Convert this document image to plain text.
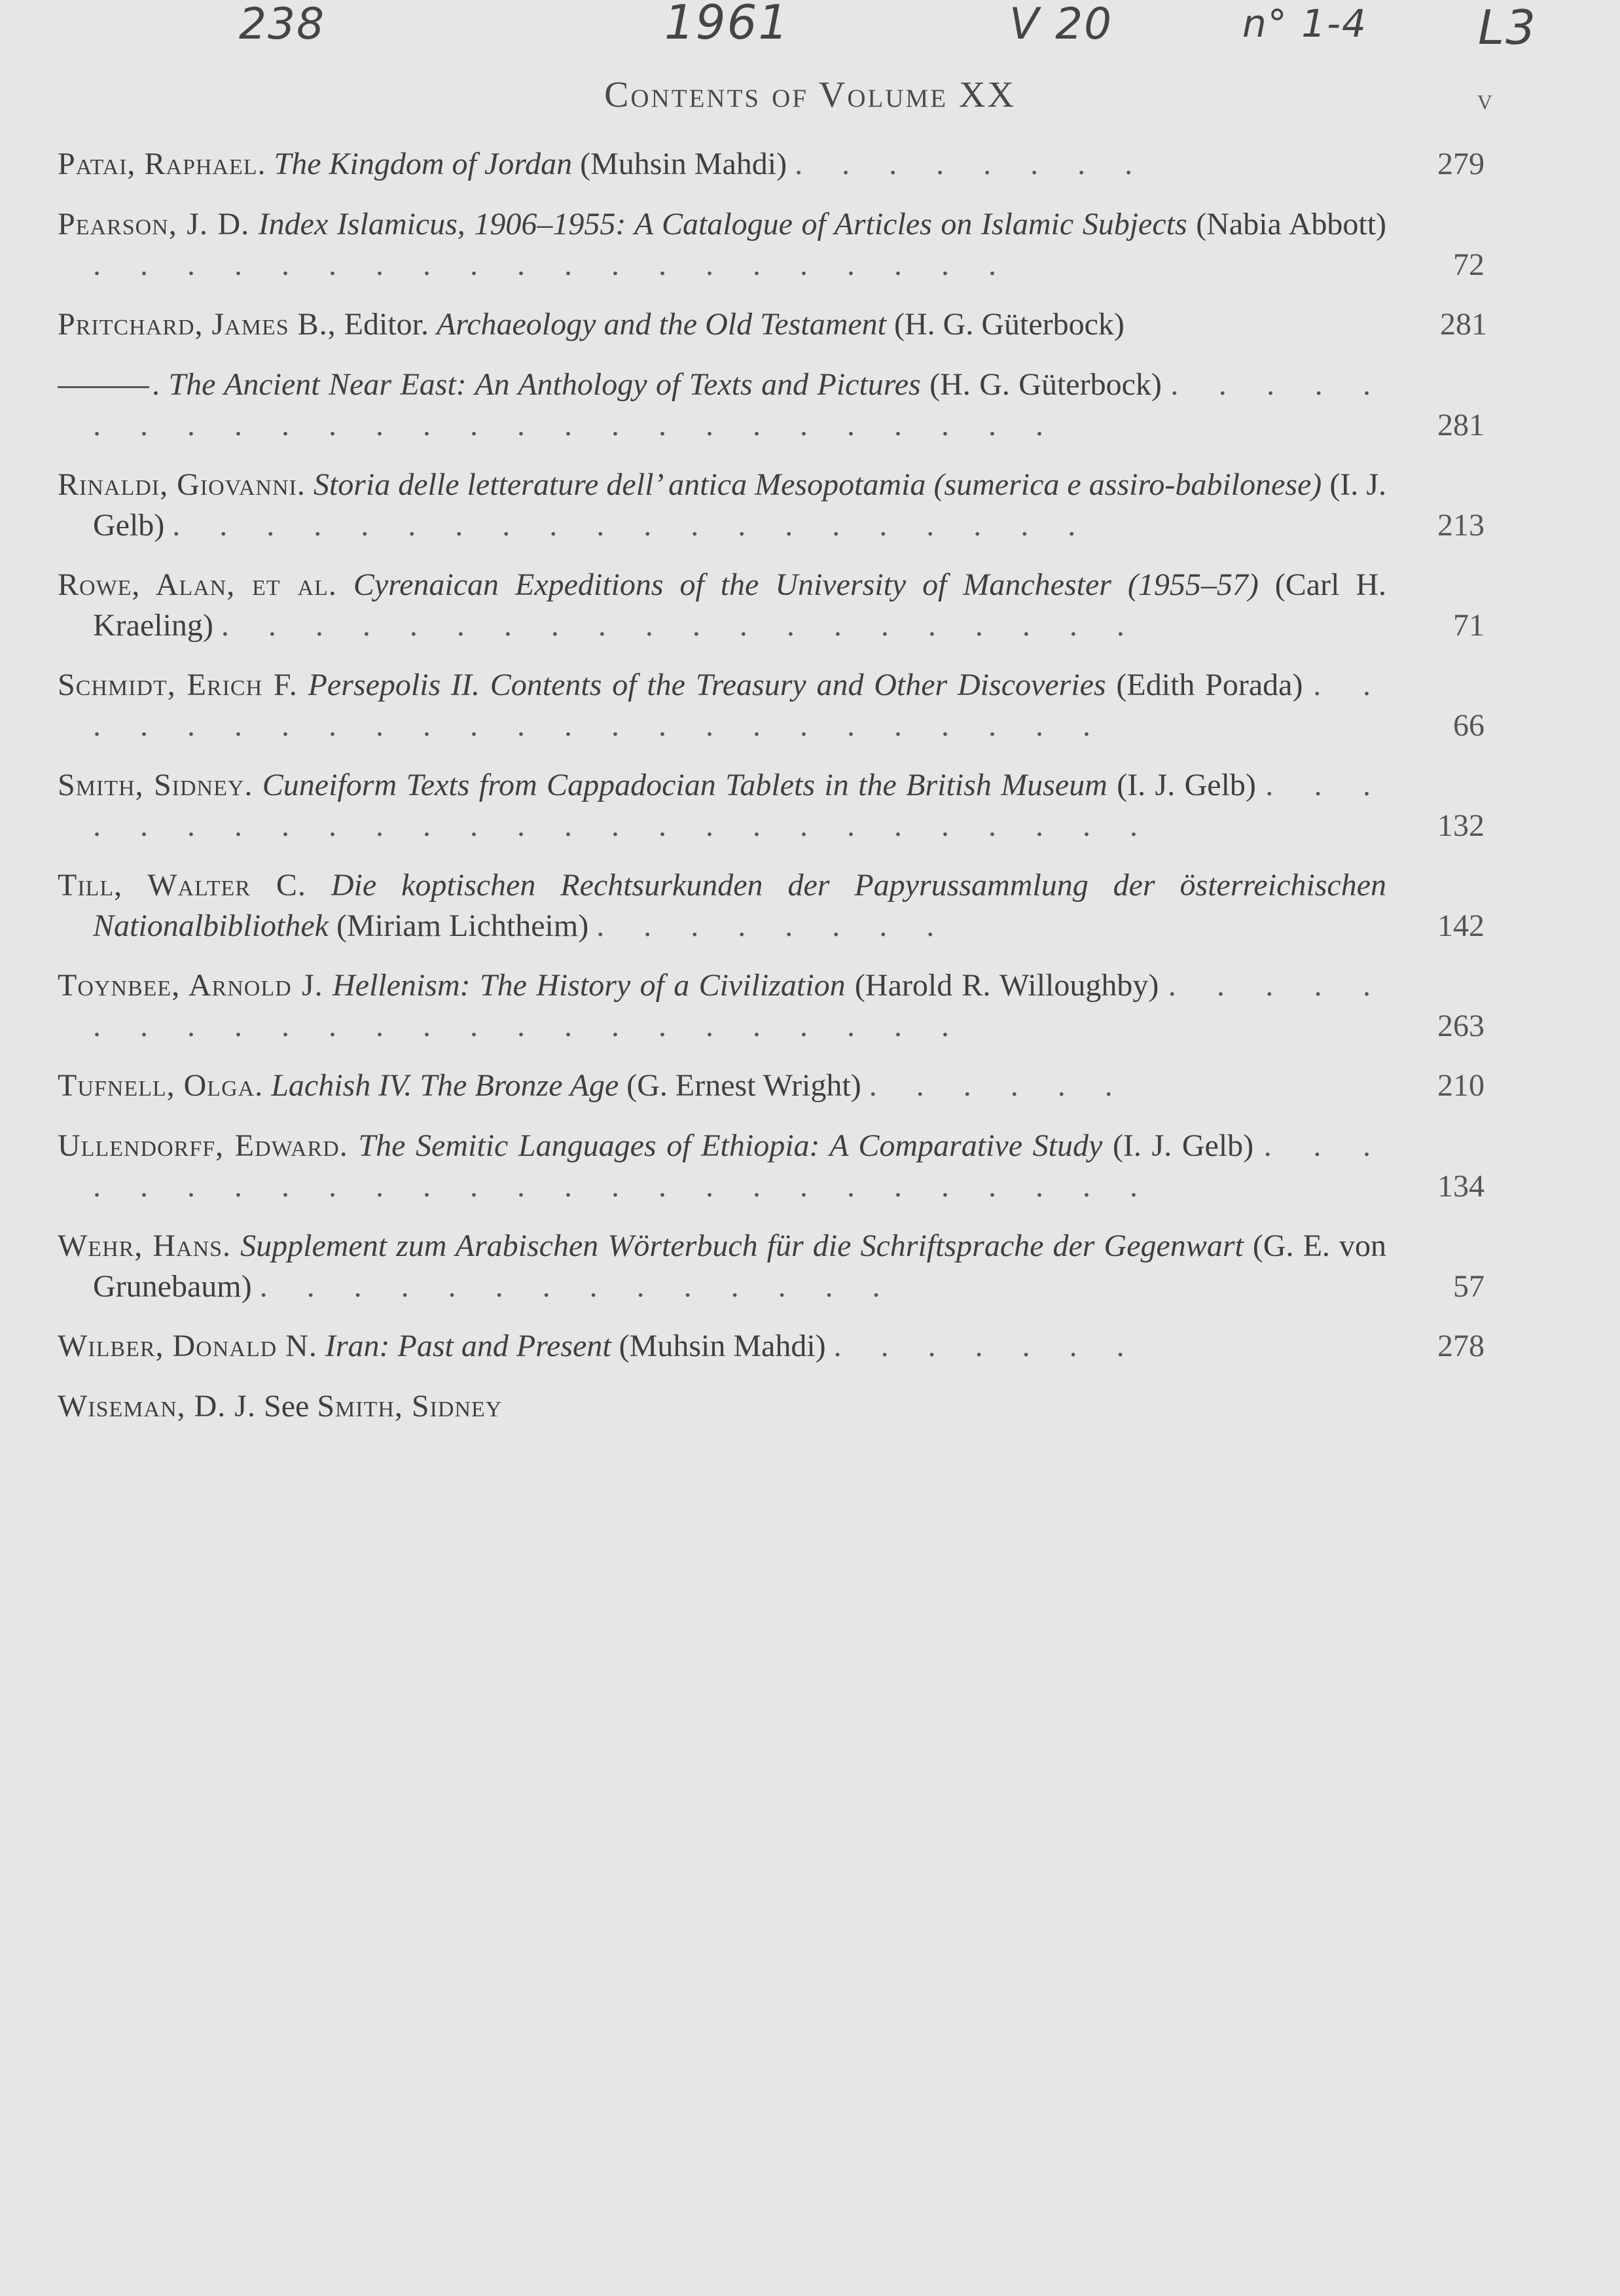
238	1961	V 20	n° 1-4 L3
Contents of Volume XX	v
Patai, Raphael. The Kingdom of Jordan (Muhsin Mahdi) . . . . . . . .	279
Pearson, J. D. Index Islamicus, 1906–1955: A Catalogue of Articles on Islamic Subjects (Nabia Abbott) . . . . . . . . . . . . . . . . . . . .	72
Pritchard, James B., Editor. Archaeology and the Old Testament (H. G. Güterbock)	281
. The Ancient Near East: An Anthology of Texts and Pictures (H. G. Güterbock) . . . . . . . . . . . . . . . . . . . . . . . . . .	281
Rinaldi, Giovanni. Storia delle letterature dell’ antica Mesopotamia (sumerica e assiro-babilonese) (I. J. Gelb) . . . . . . . . . . . . . . . . . . . .	213
Rowe, Alan, et al. Cyrenaican Expeditions of the University of Manchester (1955–57) (Carl H. Kraeling) . . . . . . . . . . . . . . . . . . . .	71
Schmidt, Erich F. Persepolis II. Contents of the Treasury and Other Discoveries (Edith Porada) . . . . . . . . . . . . . . . . . . . . . . . .	66
Smith, Sidney. Cuneiform Texts from Cappadocian Tablets in the British Museum (I. J. Gelb) . . . . . . . . . . . . . . . . . . . . . . . . . .	132
Till, Walter C. Die koptischen Rechtsurkunden der Papyrussammlung der österreichischen Nationalbibliothek (Miriam Lichtheim) . . . . . . . .	142
Toynbee, Arnold J. Hellenism: The History of a Civilization (Harold R. Willoughby) . . . . . . . . . . . . . . . . . . . . . . . .	263
Tufnell, Olga. Lachish IV. The Bronze Age (G. Ernest Wright) . . . . . .	210
Ullendorff, Edward. The Semitic Languages of Ethiopia: A Comparative Study (I. J. Gelb) . . . . . . . . . . . . . . . . . . . . . . . . . .	134
Wehr, Hans. Supplement zum Arabischen Wörterbuch für die Schriftsprache der Gegenwart (G. E. von Grunebaum) . . . . . . . . . . . . . .	57
Wilber, Donald N. Iran: Past and Present (Muhsin Mahdi) . . . . . . .	278
Wiseman, D. J. See Smith, Sidney
